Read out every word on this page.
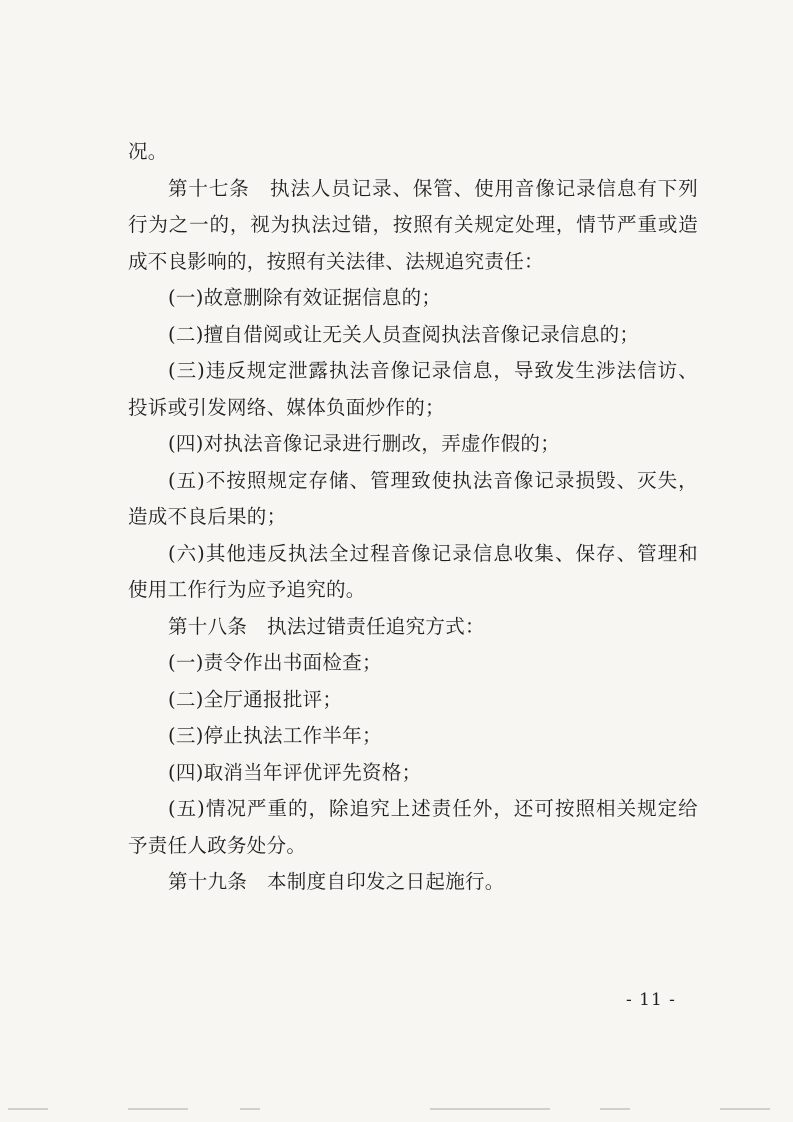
况。
第十七条　执法人员记录、保管、使用音像记录信息有下列
行为之一的，视为执法过错，按照有关规定处理，情节严重或造
成不良影响的，按照有关法律、法规追究责任：
(一)故意删除有效证据信息的；
(二)擅自借阅或让无关人员查阅执法音像记录信息的；
(三)违反规定泄露执法音像记录信息，导致发生涉法信访、
投诉或引发网络、媒体负面炒作的；
(四)对执法音像记录进行删改，弄虚作假的；
(五)不按照规定存储、管理致使执法音像记录损毁、灭失，
造成不良后果的；
(六)其他违反执法全过程音像记录信息收集、保存、管理和
使用工作行为应予追究的。
第十八条　执法过错责任追究方式：
(一)责令作出书面检查；
(二)全厅通报批评；
(三)停止执法工作半年；
(四)取消当年评优评先资格；
(五)情况严重的，除追究上述责任外，还可按照相关规定给
予责任人政务处分。
第十九条　本制度自印发之日起施行。
- 11 -
